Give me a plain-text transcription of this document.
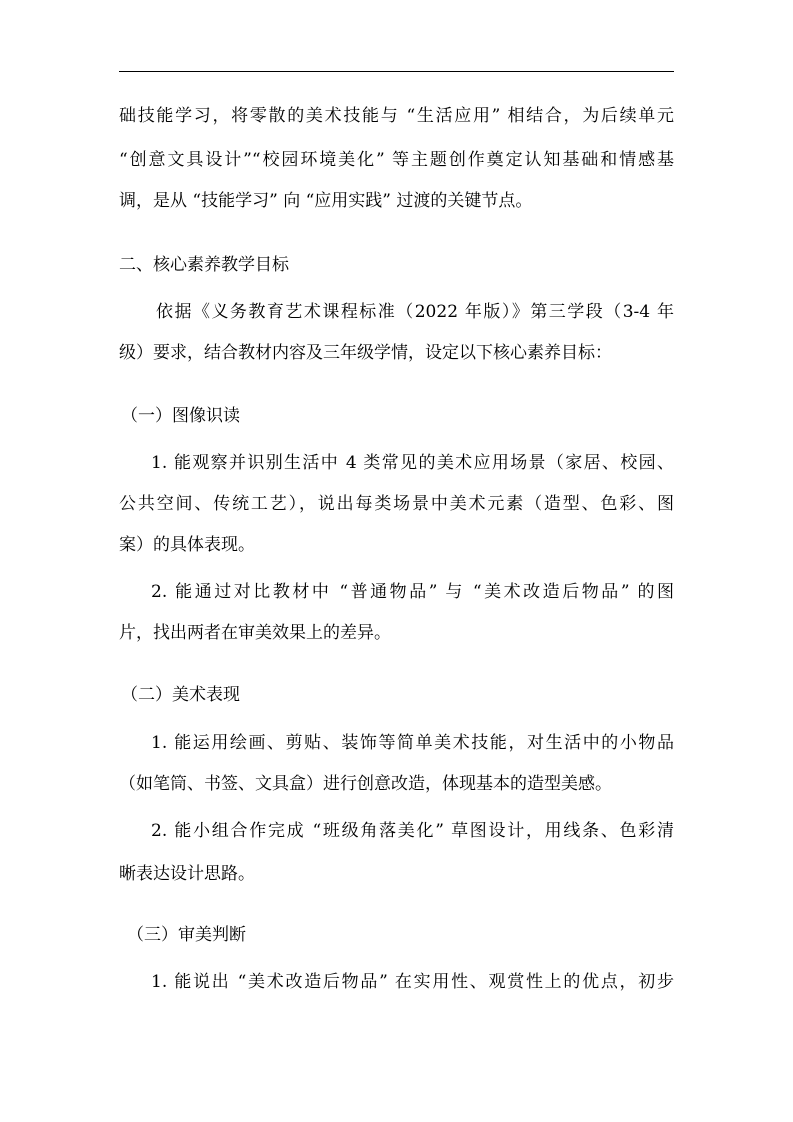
础技能学习，将零散的美术技能与 “生活应用” 相结合，为后续单元
“创意文具设计”“校园环境美化” 等主题创作奠定认知基础和情感基
调，是从 “技能学习” 向 “应用实践” 过渡的关键节点。
二、核心素养教学目标
依据《义务教育艺术课程标准（2022 年版）》第三学段（3-4 年
级）要求，结合教材内容及三年级学情，设定以下核心素养目标：
（一）图像识读
1. 能观察并识别生活中 4 类常见的美术应用场景（家居、校园、
公共空间、传统工艺），说出每类场景中美术元素（造型、色彩、图
案）的具体表现。
2. 能通过对比教材中 “普通物品” 与 “美术改造后物品” 的图
片，找出两者在审美效果上的差异。
（二）美术表现
1. 能运用绘画、剪贴、装饰等简单美术技能，对生活中的小物品
（如笔筒、书签、文具盒）进行创意改造，体现基本的造型美感。
2. 能小组合作完成 “班级角落美化” 草图设计，用线条、色彩清
晰表达设计思路。
（三）审美判断
1. 能说出 “美术改造后物品” 在实用性、观赏性上的优点，初步
